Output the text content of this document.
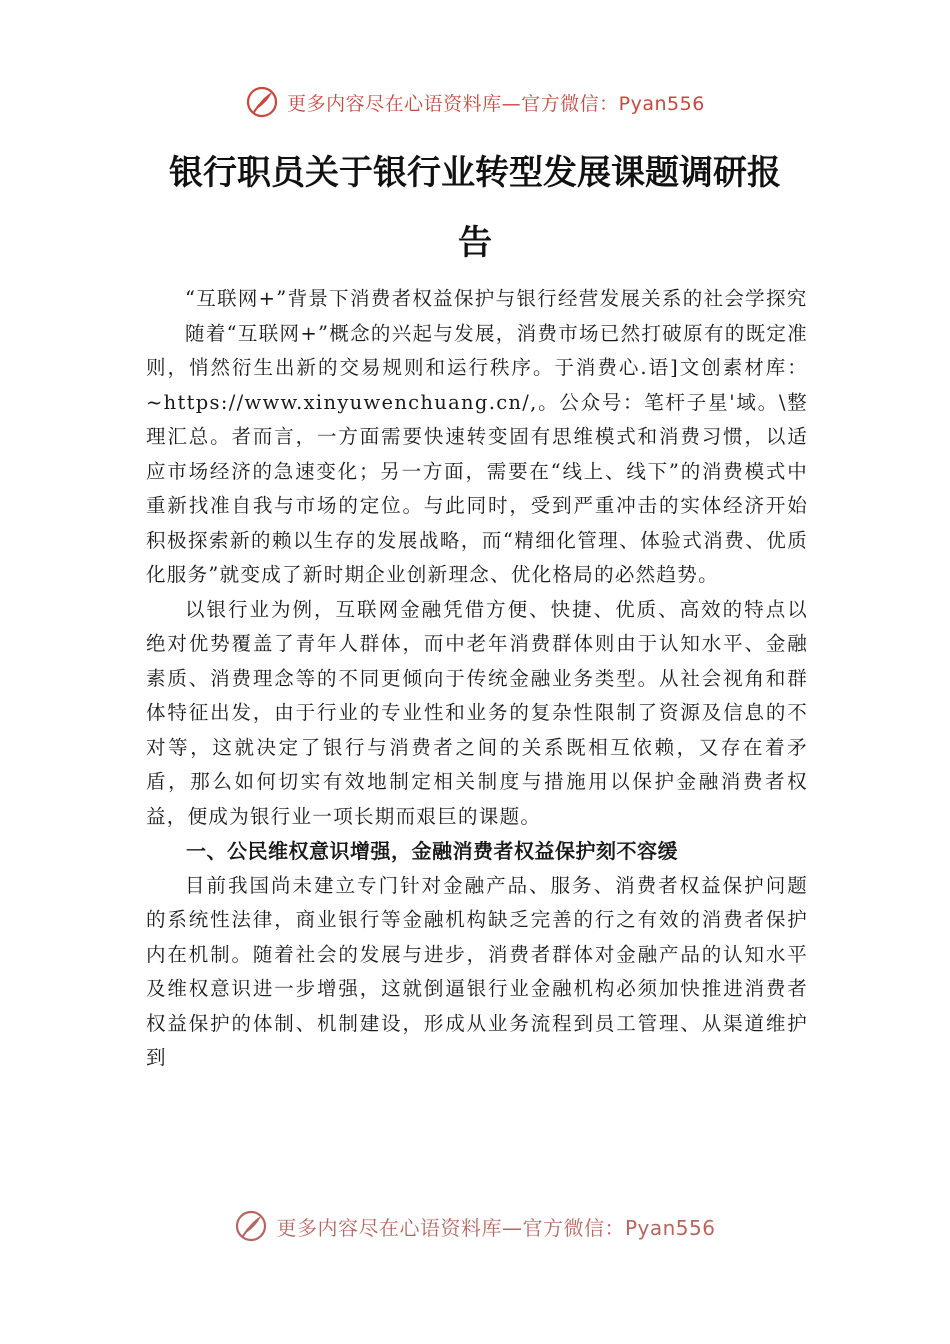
更多内容尽在心语资料库—官方微信：Pyan556
银行职员关于银行业转型发展课题调研报
告

“互联网+”背景下消费者权益保护与银行经营发展关系的社会学探究

随着“互联网+”概念的兴起与发展，消费市场已然打破原有的既定准则，悄然衍生出新的交易规则和运行秩序。于消费心.语]文创素材库：~https://www.xinyuwenchuang.cn/,。公众号：笔杆子星'域。\整理汇总。者而言，一方面需要快速转变固有思维模式和消费习惯，以适应市场经济的急速变化；另一方面，需要在“线上、线下”的消费模式中重新找准自我与市场的定位。与此同时，受到严重冲击的实体经济开始积极探索新的赖以生存的发展战略，而“精细化管理、体验式消费、优质化服务”就变成了新时期企业创新理念、优化格局的必然趋势。

以银行业为例，互联网金融凭借方便、快捷、优质、高效的特点以绝对优势覆盖了青年人群体，而中老年消费群体则由于认知水平、金融素质、消费理念等的不同更倾向于传统金融业务类型。从社会视角和群体特征出发，由于行业的专业性和业务的复杂性限制了资源及信息的不对等，这就决定了银行与消费者之间的关系既相互依赖，又存在着矛盾，那么如何切实有效地制定相关制度与措施用以保护金融消费者权益，便成为银行业一项长期而艰巨的课题。

一、公民维权意识增强，金融消费者权益保护刻不容缓

目前我国尚未建立专门针对金融产品、服务、消费者权益保护问题的系统性法律，商业银行等金融机构缺乏完善的行之有效的消费者保护内在机制。随着社会的发展与进步，消费者群体对金融产品的认知水平及维权意识进一步增强，这就倒逼银行业金融机构必须加快推进消费者权益保护的体制、机制建设，形成从业务流程到员工管理、从渠道维护到

更多内容尽在心语资料库—官方微信：Pyan556
